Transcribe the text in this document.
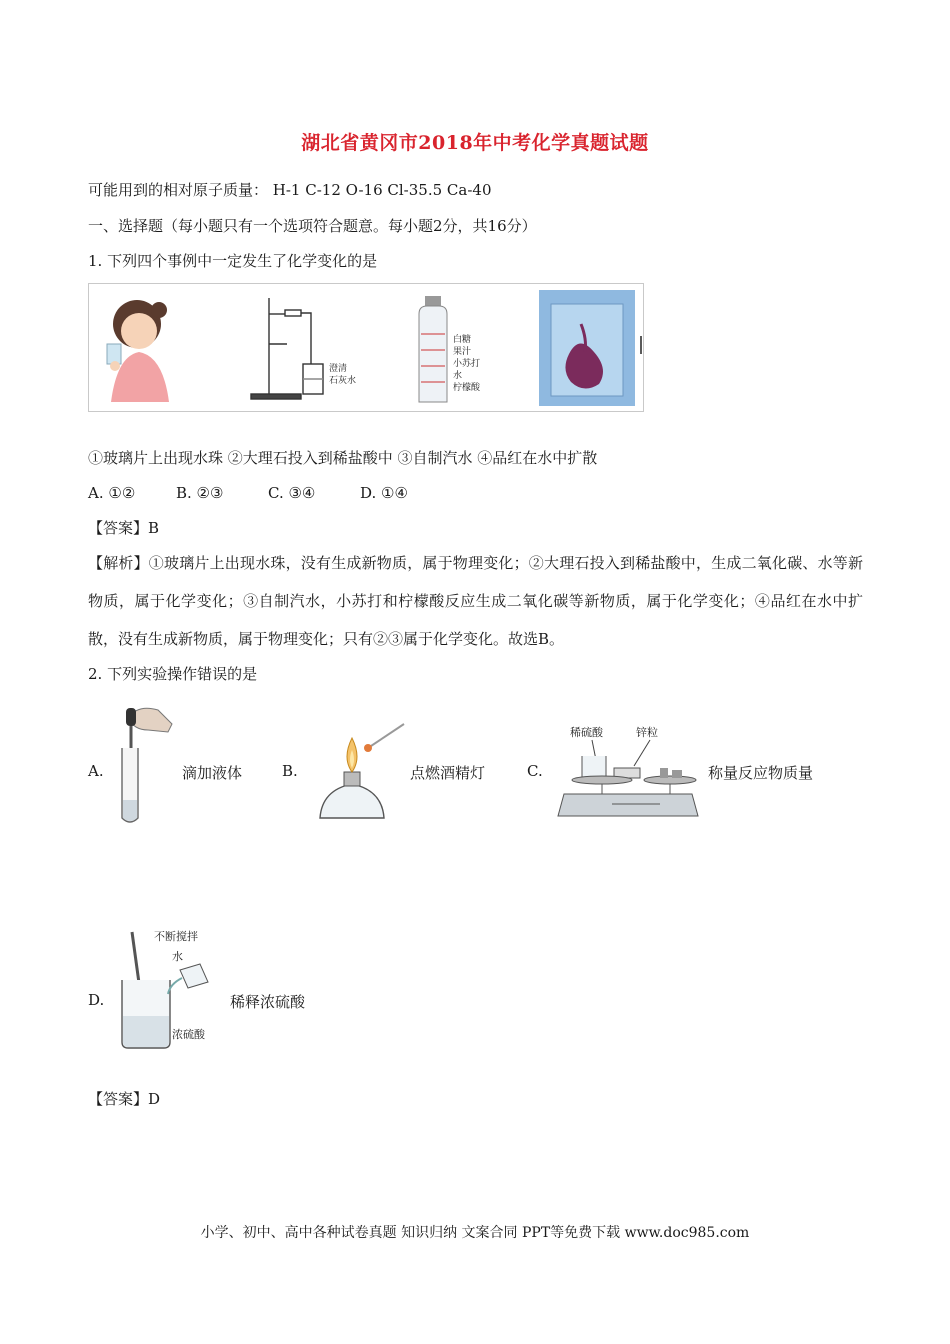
湖北省黄冈市2018年中考化学真题试题
可能用到的相对原子质量： H-1 C-12 O-16 Cl-35.5 Ca-40
一、选择题（每小题只有一个选项符合题意。每小题2分，共16分）
1. 下列四个事例中一定发生了化学变化的是
澄清
石灰水
白糖
果汁
小苏打
水
柠檬酸
①玻璃片上出现水珠 ②大理石投入到稀盐酸中 ③自制汽水 ④品红在水中扩散
A. ①②	B. ②③	C. ③④	D. ①④
【答案】B
【解析】①玻璃片上出现水珠，没有生成新物质，属于物理变化；②大理石投入到稀盐酸中，生成二氧化碳、水等新物质，属于化学变化；③自制汽水，小苏打和柠檬酸反应生成二氧化碳等新物质，属于化学变化；④品红在水中扩散，没有生成新物质，属于物理变化；只有②③属于化学变化。故选B。
2. 下列实验操作错误的是
A.	滴加液体	B.	点燃酒精灯	C.
稀硫酸	锌粒
称量反应物质量
D.
不断搅拌
水
浓硫酸
稀释浓硫酸
【答案】D
小学、初中、高中各种试卷真题 知识归纳 文案合同 PPT等免费下载 www.doc985.com
